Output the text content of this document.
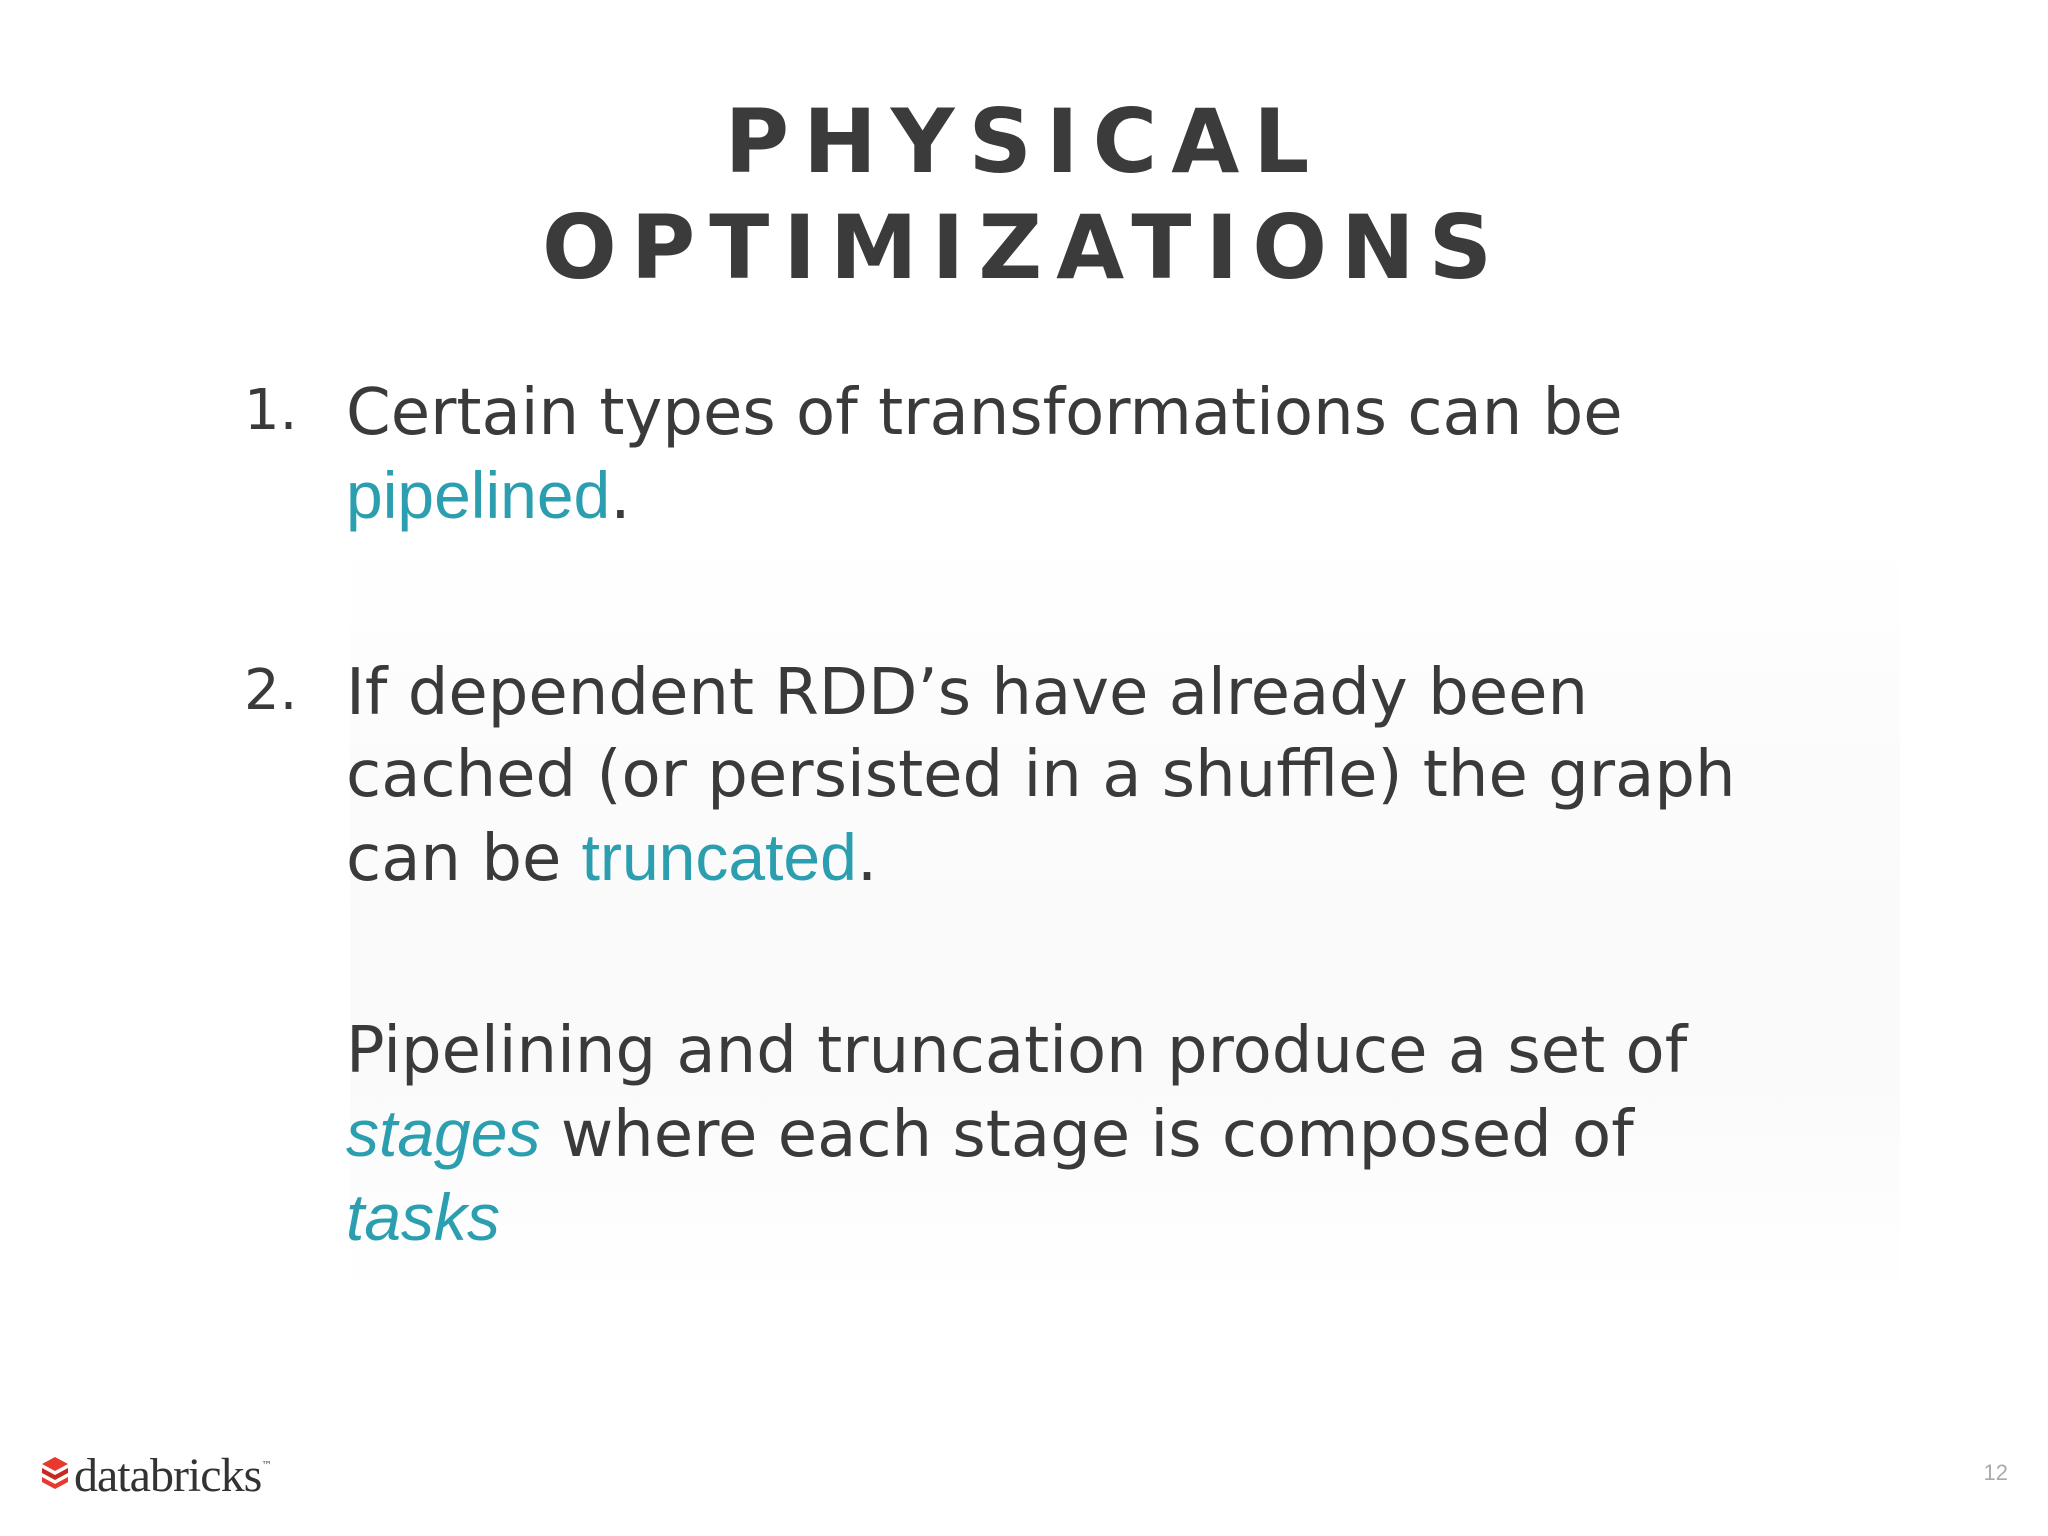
PHYSICAL
OPTIMIZATIONS
1. Certain types of transformations can be
pipelined.

2. If dependent RDD’s have already been
cached (or persisted in a shuffle) the graph
can be truncated.

Pipelining and truncation produce a set of
stages where each stage is composed of
tasks

databricks ™	12
